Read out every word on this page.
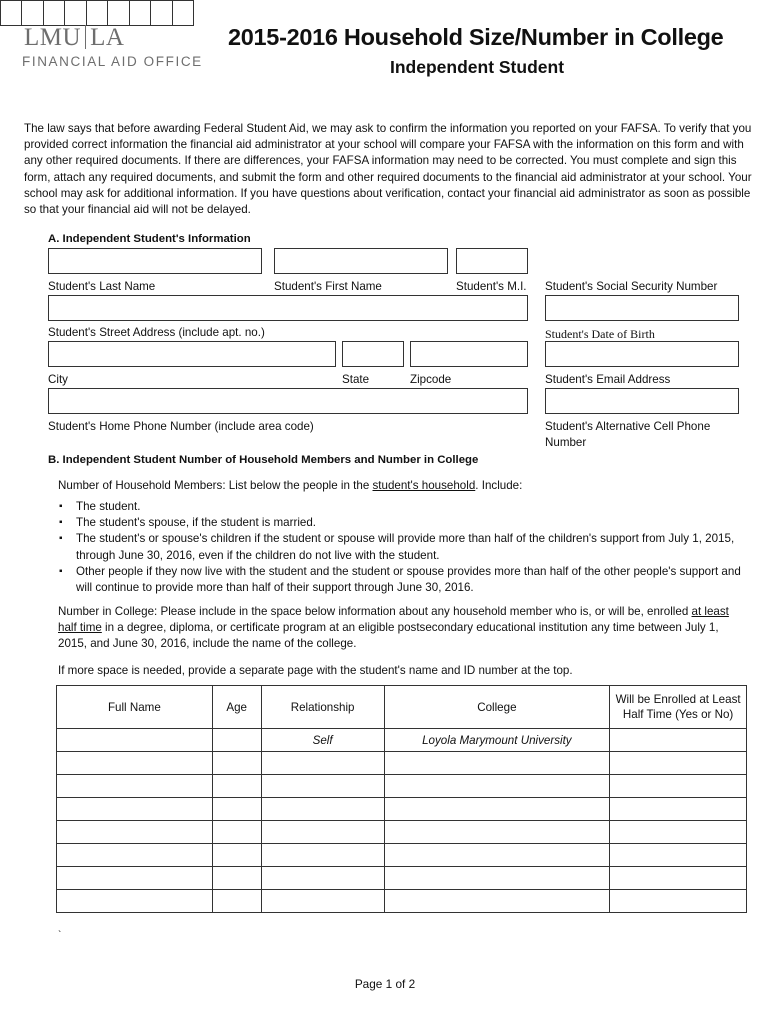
LMU LA
FINANCIAL AID OFFICE
2015-2016 Household Size/Number in College
Independent Student
The law says that before awarding Federal Student Aid, we may ask to confirm the information you reported on your FAFSA. To verify that you provided correct information the financial aid administrator at your school will compare your FAFSA with the information on this form and with any other required documents. If there are differences, your FAFSA information may need to be corrected. You must complete and sign this form, attach any required documents, and submit the form and other required documents to the financial aid administrator at your school. Your school may ask for additional information. If you have questions about verification, contact your financial aid administrator as soon as possible so that your financial aid will not be delayed.
A. Independent Student's Information
Student's Last Name	Student's First Name	Student's M.I. Student's Social Security Number
Student's Street Address (include apt. no.)	Student's Date of Birth
City	State	Zipcode	Student's Email Address
Student's Home Phone Number (include area code)	Student's Alternative Cell Phone
Number
B. Independent Student Number of Household Members and Number in College
Number of Household Members: List below the people in the student's household. Include:
▪ The student.
▪ The student's spouse, if the student is married.
▪ The student's or spouse's children if the student or spouse will provide more than half of the children's support from July 1, 2015, through June 30, 2016, even if the children do not live with the student.
▪ Other people if they now live with the student and the student or spouse provides more than half of the other people's support and will continue to provide more than half of their support through June 30, 2016.
Number in College: Please include in the space below information about any household member who is, or will be, enrolled at least half time in a degree, diploma, or certificate program at an eligible postsecondary educational institution any time between July 1, 2015, and June 30, 2016, include the name of the college.
If more space is needed, provide a separate page with the student's name and ID number at the top.
Full Name	Age	Relationship	College	Will be Enrolled at Least Half Time (Yes or No)
		Self	Loyola Marymount University	

`
Page 1 of 2
